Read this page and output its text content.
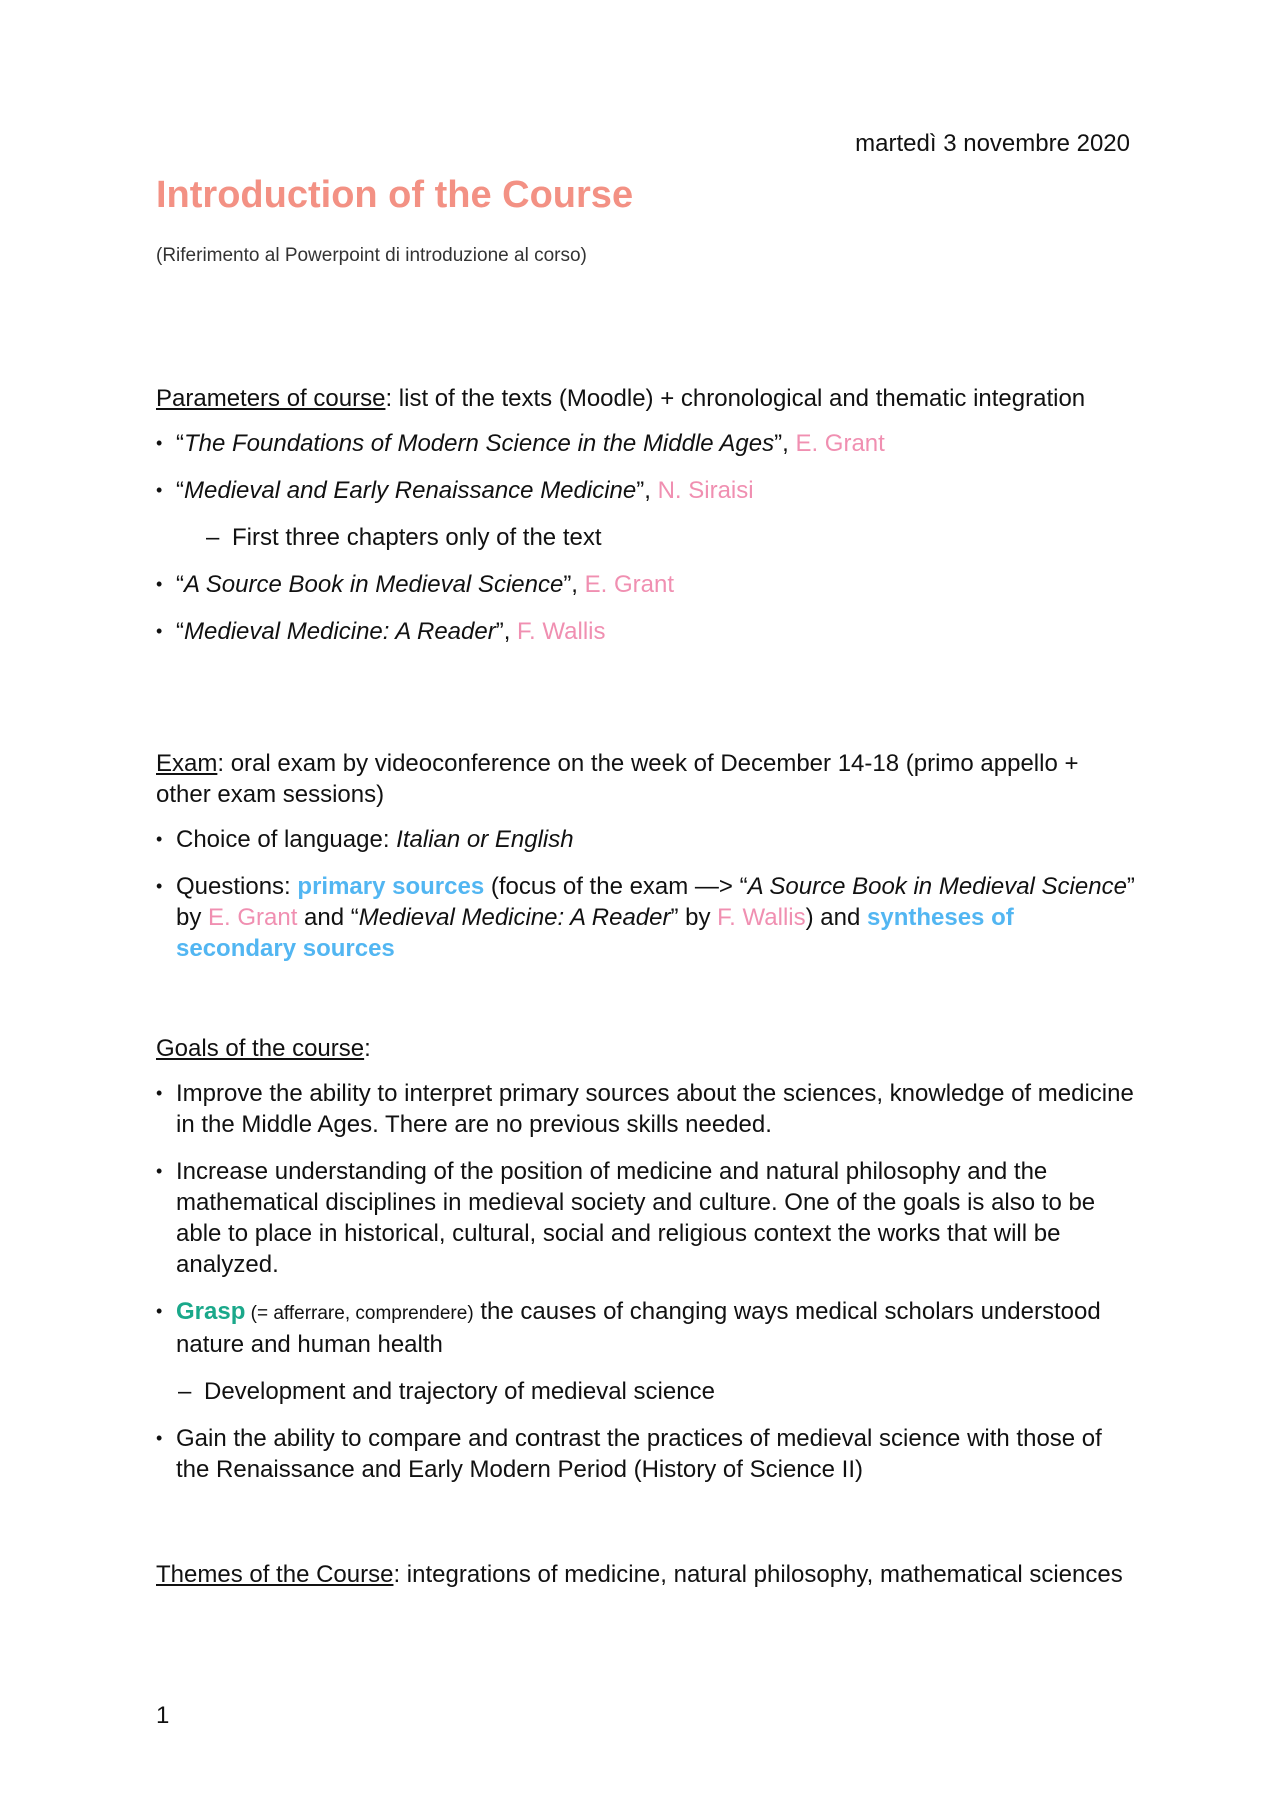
martedì 3 novembre 2020
Introduction of the Course
(Riferimento al Powerpoint di introduzione al corso)
Parameters of course: list of the texts (Moodle) + chronological and thematic integration
• “The Foundations of Modern Science in the Middle Ages”, E. Grant
• “Medieval and Early Renaissance Medicine”, N. Siraisi
– First three chapters only of the text
• “A Source Book in Medieval Science”, E. Grant
• “Medieval Medicine: A Reader”, F. Wallis
Exam: oral exam by videoconference on the week of December 14-18 (primo appello + other exam sessions)
• Choice of language: Italian or English
• Questions: primary sources (focus of the exam —> “A Source Book in Medieval Science” by E. Grant and “Medieval Medicine: A Reader” by F. Wallis) and syntheses of secondary sources
Goals of the course:
• Improve the ability to interpret primary sources about the sciences, knowledge of medicine in the Middle Ages. There are no previous skills needed.
• Increase understanding of the position of medicine and natural philosophy and the mathematical disciplines in medieval society and culture. One of the goals is also to be able to place in historical, cultural, social and religious context the works that will be analyzed.
• Grasp (= afferrare, comprendere) the causes of changing ways medical scholars understood nature and human health
– Development and trajectory of medieval science
• Gain the ability to compare and contrast the practices of medieval science with those of the Renaissance and Early Modern Period (History of Science II)
Themes of the Course: integrations of medicine, natural philosophy, mathematical sciences
1
